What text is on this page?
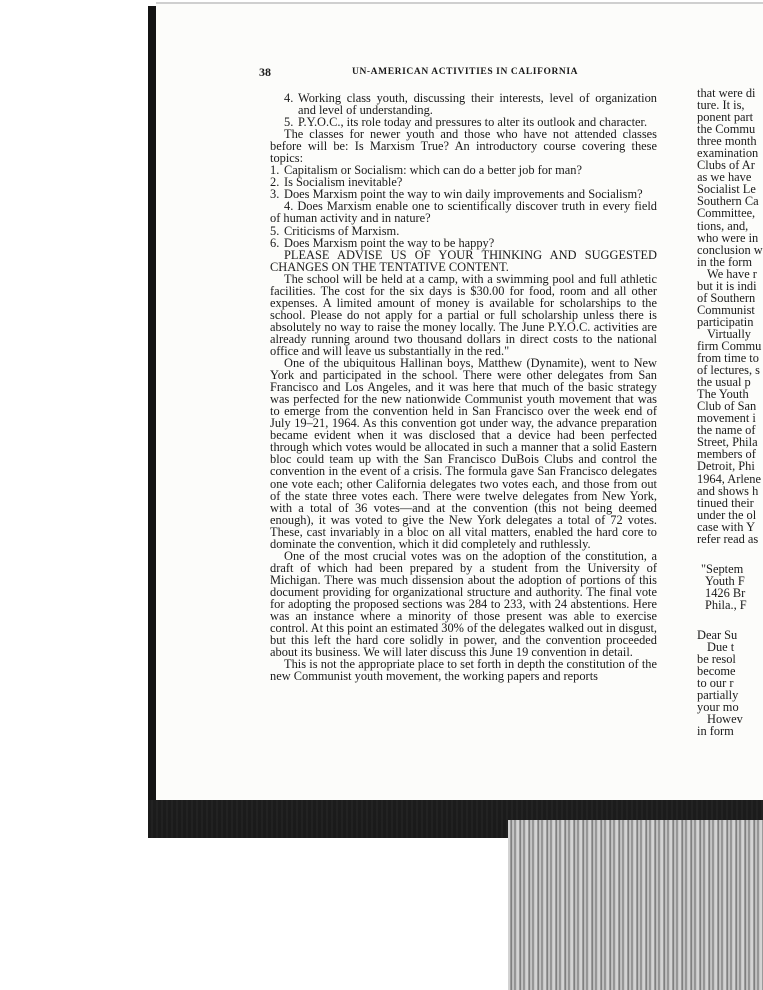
38	UN-AMERICAN ACTIVITIES IN CALIFORNIA

4. Working class youth, discussing their interests, level of organization and level of understanding.

5. P.Y.O.C., its role today and pressures to alter its outlook and character.

The classes for newer youth and those who have not attended classes before will be: Is Marxism True? An introductory course covering these topics:

1. Capitalism or Socialism: which can do a better job for man?

2. Is Socialism inevitable?

3. Does Marxism point the way to win daily improvements and Socialism?

4. Does Marxism enable one to scientifically discover truth in every field of human activity and in nature?

5. Criticisms of Marxism.

6. Does Marxism point the way to be happy?

PLEASE ADVISE US OF YOUR THINKING AND SUGGESTED CHANGES ON THE TENTATIVE CONTENT.

The school will be held at a camp, with a swimming pool and full athletic facilities. The cost for the six days is $30.00 for food, room and all other expenses. A limited amount of money is available for scholarships to the school. Please do not apply for a partial or full scholarship unless there is absolutely no way to raise the money locally. The June P.Y.O.C. activities are already running around two thousand dollars in direct costs to the national office and will leave us substantially in the red."

One of the ubiquitous Hallinan boys, Matthew (Dynamite), went to New York and participated in the school. There were other delegates from San Francisco and Los Angeles, and it was here that much of the basic strategy was perfected for the new nationwide Communist youth movement that was to emerge from the convention held in San Francisco over the week end of July 19–21, 1964. As this convention got under way, the advance preparation became evident when it was disclosed that a device had been perfected through which votes would be allocated in such a manner that a solid Eastern bloc could team up with the San Francisco DuBois Clubs and control the convention in the event of a crisis. The formula gave San Francisco delegates one vote each; other California delegates two votes each, and those from out of the state three votes each. There were twelve delegates from New York, with a total of 36 votes—and at the convention (this not being deemed enough), it was voted to give the New York delegates a total of 72 votes. These, cast invariably in a bloc on all vital matters, enabled the hard core to dominate the convention, which it did completely and ruthlessly.

One of the most crucial votes was on the adoption of the constitution, a draft of which had been prepared by a student from the University of Michigan. There was much dissension about the adoption of portions of this document providing for organizational structure and authority. The final vote for adopting the proposed sections was 284 to 233, with 24 abstentions. Here was an instance where a minority of those present was able to exercise control. At this point an estimated 30% of the delegates walked out in disgust, but this left the hard core solidly in power, and the convention proceeded about its business. We will later discuss this June 19 convention in detail.

This is not the appropriate place to set forth in depth the constitution of the new Communist youth movement, the working papers and reports

that were di
ture. It is,
ponent part
the Commu
three month
examination
Clubs of Ar
as we have
Socialist Le
Southern Ca
Committee,
tions, and,
who were in
conclusion w
in the form
We have r
but it is indi
of Southern
Communist
participatin
Virtually
firm Commu
from time to
of lectures, s
the usual p
The Youth
Club of San
movement i
the name of
Street, Phila
members of
Detroit, Phi
1964, Arlene
and shows h
tinued their
under the ol
case with Y
refer read as
"Septem
Youth F
1426 Br
Phila., F
Dear Su
Due t
be resol
become
to our r
partially
your mo
Howev
in form
